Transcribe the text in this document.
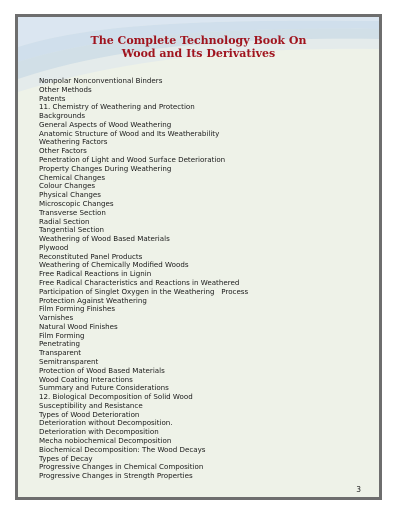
The Complete Technology Book On
Wood and Its Derivatives
Nonpolar Nonconventional Binders
Other Methods
Patents
11. Chemistry of Weathering and Protection
Backgrounds
General Aspects of Wood Weathering
Anatomic Structure of Wood and Its Weatherability
Weathering Factors
Other Factors
Penetration of Light and Wood Surface Deterioration
Property Changes During Weathering
Chemical Changes
Colour Changes
Physical Changes
Microscopic Changes
Transverse Section
Radial Section
Tangential Section
Weathering of Wood Based Materials
Plywood
Reconstituted Panel Products
Weathering of Chemically Modified Woods
Free Radical Reactions in Lignin
Free Radical Characteristics and Reactions in Weathered
Participation of Singlet Oxygen in the Weathering   Process
Protection Against Weathering
Film Forming Finishes
Varnishes
Natural Wood Finishes
Film Forming
Penetrating
Transparent
Semitransparent
Protection of Wood Based Materials
Wood Coating Interactions
Summary and Future Considerations
12. Biological Decomposition of Solid Wood
Susceptibility and Resistance
Types of Wood Deterioration
Deterioration without Decomposition.
Deterioration with Decomposition
Mecha nobiochemical Decomposition
Biochemical Decomposition: The Wood Decays
Types of Decay
Progressive Changes in Chemical Composition
Progressive Changes in Strength Properties
3
